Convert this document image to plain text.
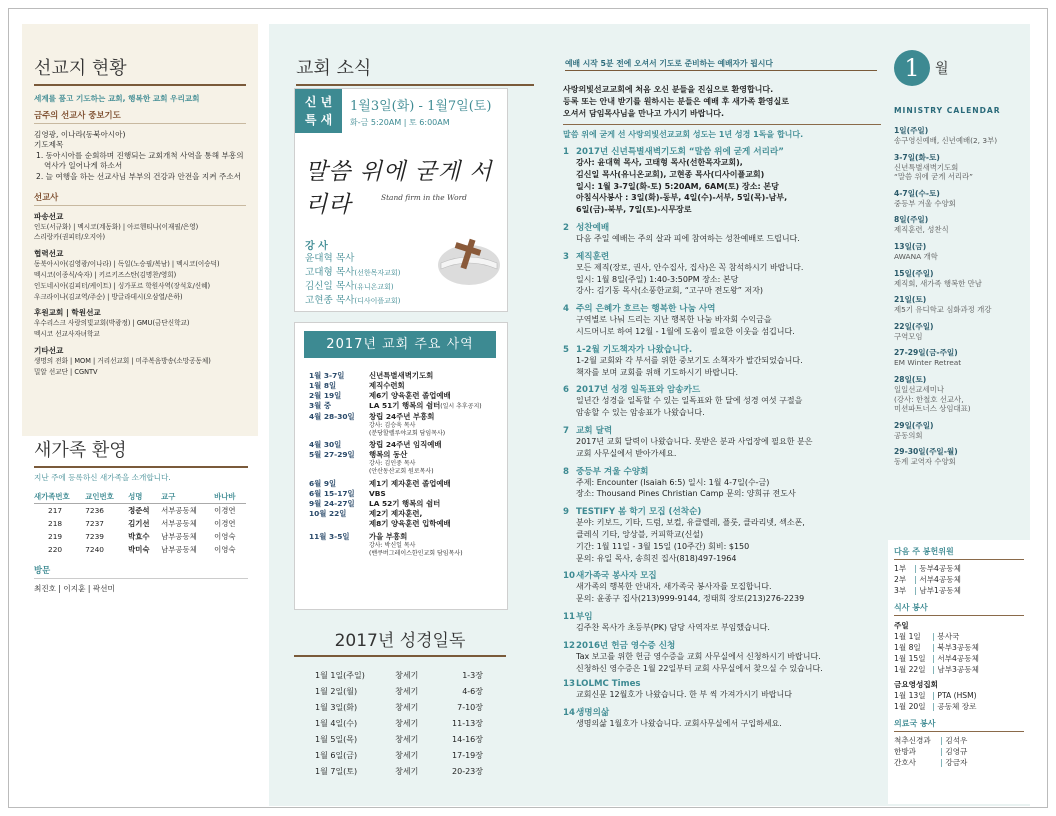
선교지 현황
세계를 품고 기도하는 교회, 행복한 교회 우리교회
금주의 선교사 중보기도
김영광, 이나라(동북아시아)
기도제목
1. 동아시아를 순회하며 진행되는 교회개척 사역을 통해 부흥의 역사가 일어나게 하소서
2. 늘 여행을 하는 선교사님 부부의 건강과 안전을 지켜 주소서
선교사
파송선교
인도(서규화) | 멕시코(계동화) | 아르헨티나(이재필/은영)
스리랑카(권피터/오지아)
협력선교
동북아시아(김영광/이나라) | 독일(노승필/복남) | 멕시코(이승덕)
멕시코(이종식/숙자) | 키르키즈스탄(김명찬/영희)
인도네시아(김피터/케이트) | 싱가포르 학원사역(장석호/신혜)
우크라이나(김교역/주순) | 방글라데시(오삼열/은하)
후원교회 | 학원선교
우수리스크 사랑의빛교회(박광정) | GMU(금단신학교)
멕시코 선교사자녀학교
기타선교
생명의 전화 | MOM | 거리선교회 | 미주복음방송(소망공동체)
밀알 선교단 | CGNTV
새가족 환영
지난 주에 등록하신 새가족을 소개합니다.
새가족번호	교인번호	성명	교구	바나바
217	7236	정준석	서부공동체	이경연
218	7237	김기선	서부공동체	이경연
219	7239	박효수	남부공동체	이영숙
220	7240	박미숙	남부공동체	이영숙
방문
최진호 | 이지훈 | 곽선미
교회 소식
신 년
특 새
1월3일(화) - 1월7일(토)
화-금 5:20AM | 토 6:00AM
말씀 위에 굳게 서리라	Stand firm in the Word
강 사
윤대혁 목사
고대형 목사(선한목자교회)
김신일 목사(유니온교회)
고현종 목사(디사이플교회)
2017년 교회 주요 사역
1월 3-7일	신년특별새벽기도회
1월 8일	제직수련회
2월 19일	제6기 양육훈련 졸업예배
3월 중	LA 51기 행복의 쉼터(일시 추후공지)
4월 28-30일	창립 24주년 부흥회
강사: 김승욱 목사
(분당할렐루야교회 담임목사)
4월 30일	창립 24주년 임직예배
5월 27-29일	행복의 동산
강사: 김인중 목사
(안산동산교회 원로목사)
6월 9일	제1기 제자훈련 졸업예배
6월 15-17일	VBS
9월 24-27일	LA 52기 행복의 쉼터
10월 22일	제2기 제자훈련,
제8기 양육훈련 입학예배
11월 3-5일	가을 부흥회
강사: 박신일 목사
(밴쿠버그레이스한인교회 담임목사)
2017년 성경일독
1월 1일(주일)	창세기	1-3장
1월 2일(월)	창세기	4-6장
1월 3일(화)	창세기	7-10장
1월 4일(수)	창세기	11-13장
1월 5일(목)	창세기	14-16장
1월 6일(금)	창세기	17-19장
1월 7일(토)	창세기	20-23장
예배 시작 5분 전에 오셔서 기도로 준비하는 예배자가 됩시다
사랑의빛선교교회에 처음 오신 분들을 진심으로 환영합니다.
등록 또는 안내 받기를 원하시는 분들은 예배 후 새가족 환영실로
오셔서 담임목사님을 만나고 가시기 바랍니다.
말씀 위에 굳게 선 사랑의빛선교교회 성도는 1년 성경 1독을 합니다.
1 2017년 신년특별새벽기도회 “말씀 위에 굳게 서리라”
강사: 윤대혁 목사, 고태형 목사(선한목자교회),
김신일 목사(유니온교회), 고현종 목사(디사이플교회)
일시: 1월 3-7일(화-토) 5:20AM, 6AM(토) 장소: 본당
아침식사봉사 : 3일(화)-동부, 4일(수)-서부, 5일(목)-남부,
6일(금)-북부, 7일(토)-시무장로
2 성찬예배
다음 주일 예배는 주의 살과 피에 참여하는 성찬예배로 드립니다.
3 제직훈련
모든 제직(장로, 권사, 안수집사, 집사)은 꼭 참석하시기 바랍니다.
일시: 1월 8일(주일) 1:40-3:50PM 장소: 본당
강사: 김기동 목사(소풍한교회, “고구마 전도왕” 저자)
4 주의 은혜가 흐르는 행복한 나눔 사역
구역별로 나눠 드리는 지난 행복한 나눔 바자회 수익금을
시드머니로 하여 12월 - 1월에 도움이 필요한 이웃을 섬깁니다.
5 1-2월 기도책자가 나왔습니다.
1-2월 교회와 각 부서를 위한 중보기도 소책자가 발간되었습니다.
책자를 보며 교회를 위해 기도하시기 바랍니다.
6 2017년 성경 일독표와 암송카드
일년간 성경을 일독할 수 있는 일독표와 한 달에 성경 여섯 구절을
암송할 수 있는 암송표가 나왔습니다.
7 교회 달력
2017년 교회 달력이 나왔습니다. 못받은 분과 사업장에 필요한 분은
교회 사무실에서 받아가세요.
8 중등부 겨울 수양회
주제: Encounter (Isaiah 6:5) 일시: 1월 4-7일(수-금)
장소: Thousand Pines Christian Camp 문의: 양희규 전도사
9 TESTIFY 봄 학기 모집 (선착순)
분야: 키보드, 기타, 드럼, 보컬, 유클렐레, 플룻, 클라리넷, 섹소폰,
클레식 기타, 앙상블, 커피학교(신설)
기간: 1월 11일 - 3월 15일 (10주간) 회비: $150
문의: 유일 목사, 송희진 집사(818)497-1964
10새가족국 봉사자 모집
새가족의 행복한 안내자, 새가족국 봉사자를 모집합니다.
문의: 윤종구 집사(213)999-9144, 정태희 장로(213)276-2239
11부임
김주찬 목사가 초등부(PK) 담당 사역자로 부임했습니다.
122016년 헌금 영수증 신청
Tax 보고를 위한 헌금 영수증을 교회 사무실에서 신청하시기 바랍니다.
신청하신 영수증은 1월 22일부터 교회 사무실에서 찾으실 수 있습니다.
13LOLMC Times
교회신문 12월호가 나왔습니다. 한 부 씩 가져가시기 바랍니다
14생명의삶
생명의삶 1월호가 나왔습니다. 교회사무실에서 구입하세요.
1	월
MINISTRY CALENDAR
1일(주일)
송구영신예배, 신년예배(2, 3부)
3-7일(화-토)
신년특별새벽기도회
“말씀 위에 굳게 서리라”
4-7일(수-토)
중등부 겨울 수양회
8일(주일)
제직훈련, 성찬식
13일(금)
AWANA 개학
15일(주일)
제직회, 새가족 행복한 만남
21일(토)
제5기 유디학교 심화과정 개강
22일(주일)
구역모임
27-29일(금-주일)
EM Winter Retreat
28일(토)
일일선교세미나
(강사: 한철호 선교사,
미션파트너스 상임대표)
29일(주일)
공동의회
29-30일(주일-월)
동계 교역자 수양회
다음 주 봉헌위원
1부 | 동부4공동체
2부 | 서부4공동체
3부 | 남부1공동체
식사 봉사
주일
1월 1일 | 봉사국
1월 8일 | 북부3공동체
1월 15일 | 서부4공동체
1월 22일 | 남부3공동체
금요영성집회
1월 13일 | PTA (HSM)
1월 20일 | 공동체 장로
의료국 봉사
척추신경과 | 김석우
한방과	| 김영규
간호사	| 강금자
